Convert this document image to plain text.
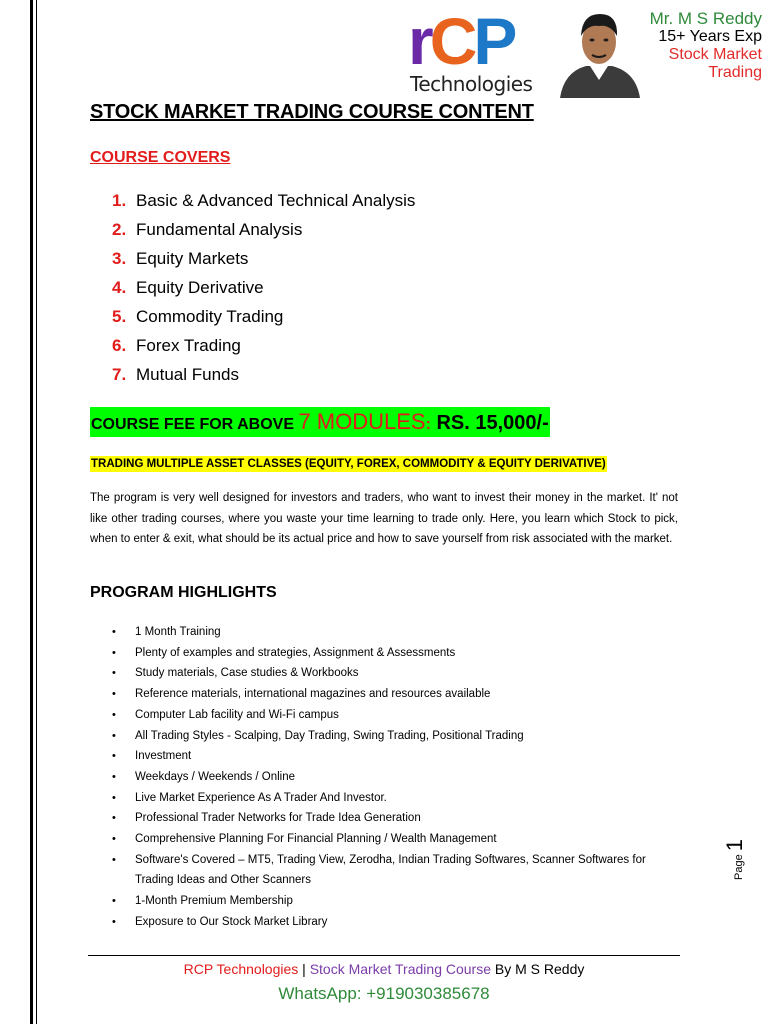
rCP
Technologies
Mr. M S Reddy
15+ Years Exp
Stock Market
Trading
STOCK MARKET TRADING COURSE CONTENT
COURSE COVERS
1. Basic & Advanced Technical Analysis
2. Fundamental Analysis
3. Equity Markets
4. Equity Derivative
5. Commodity Trading
6. Forex Trading
7. Mutual Funds
COURSE FEE FOR ABOVE 7 MODULES: RS. 15,000/-
TRADING MULTIPLE ASSET CLASSES (EQUITY, FOREX, COMMODITY & EQUITY DERIVATIVE)
The program is very well designed for investors and traders, who want to invest their money in the market. It' not like other trading courses, where you waste your time learning to trade only. Here, you learn which Stock to pick, when to enter & exit, what should be its actual price and how to save yourself from risk associated with the market.
PROGRAM HIGHLIGHTS
• 1 Month Training
• Plenty of examples and strategies, Assignment & Assessments
• Study materials, Case studies & Workbooks
• Reference materials, international magazines and resources available
• Computer Lab facility and Wi-Fi campus
• All Trading Styles - Scalping, Day Trading, Swing Trading, Positional Trading
• Investment
• Weekdays / Weekends / Online
• Live Market Experience As A Trader And Investor.
• Professional Trader Networks for Trade Idea Generation
• Comprehensive Planning For Financial Planning / Wealth Management
• Software's Covered – MT5, Trading View, Zerodha, Indian Trading Softwares, Scanner Softwares for Trading Ideas and Other Scanners
• 1-Month Premium Membership
• Exposure to Our Stock Market Library
Page 1
RCP Technologies | Stock Market Trading Course By M S Reddy
WhatsApp: +919030385678
